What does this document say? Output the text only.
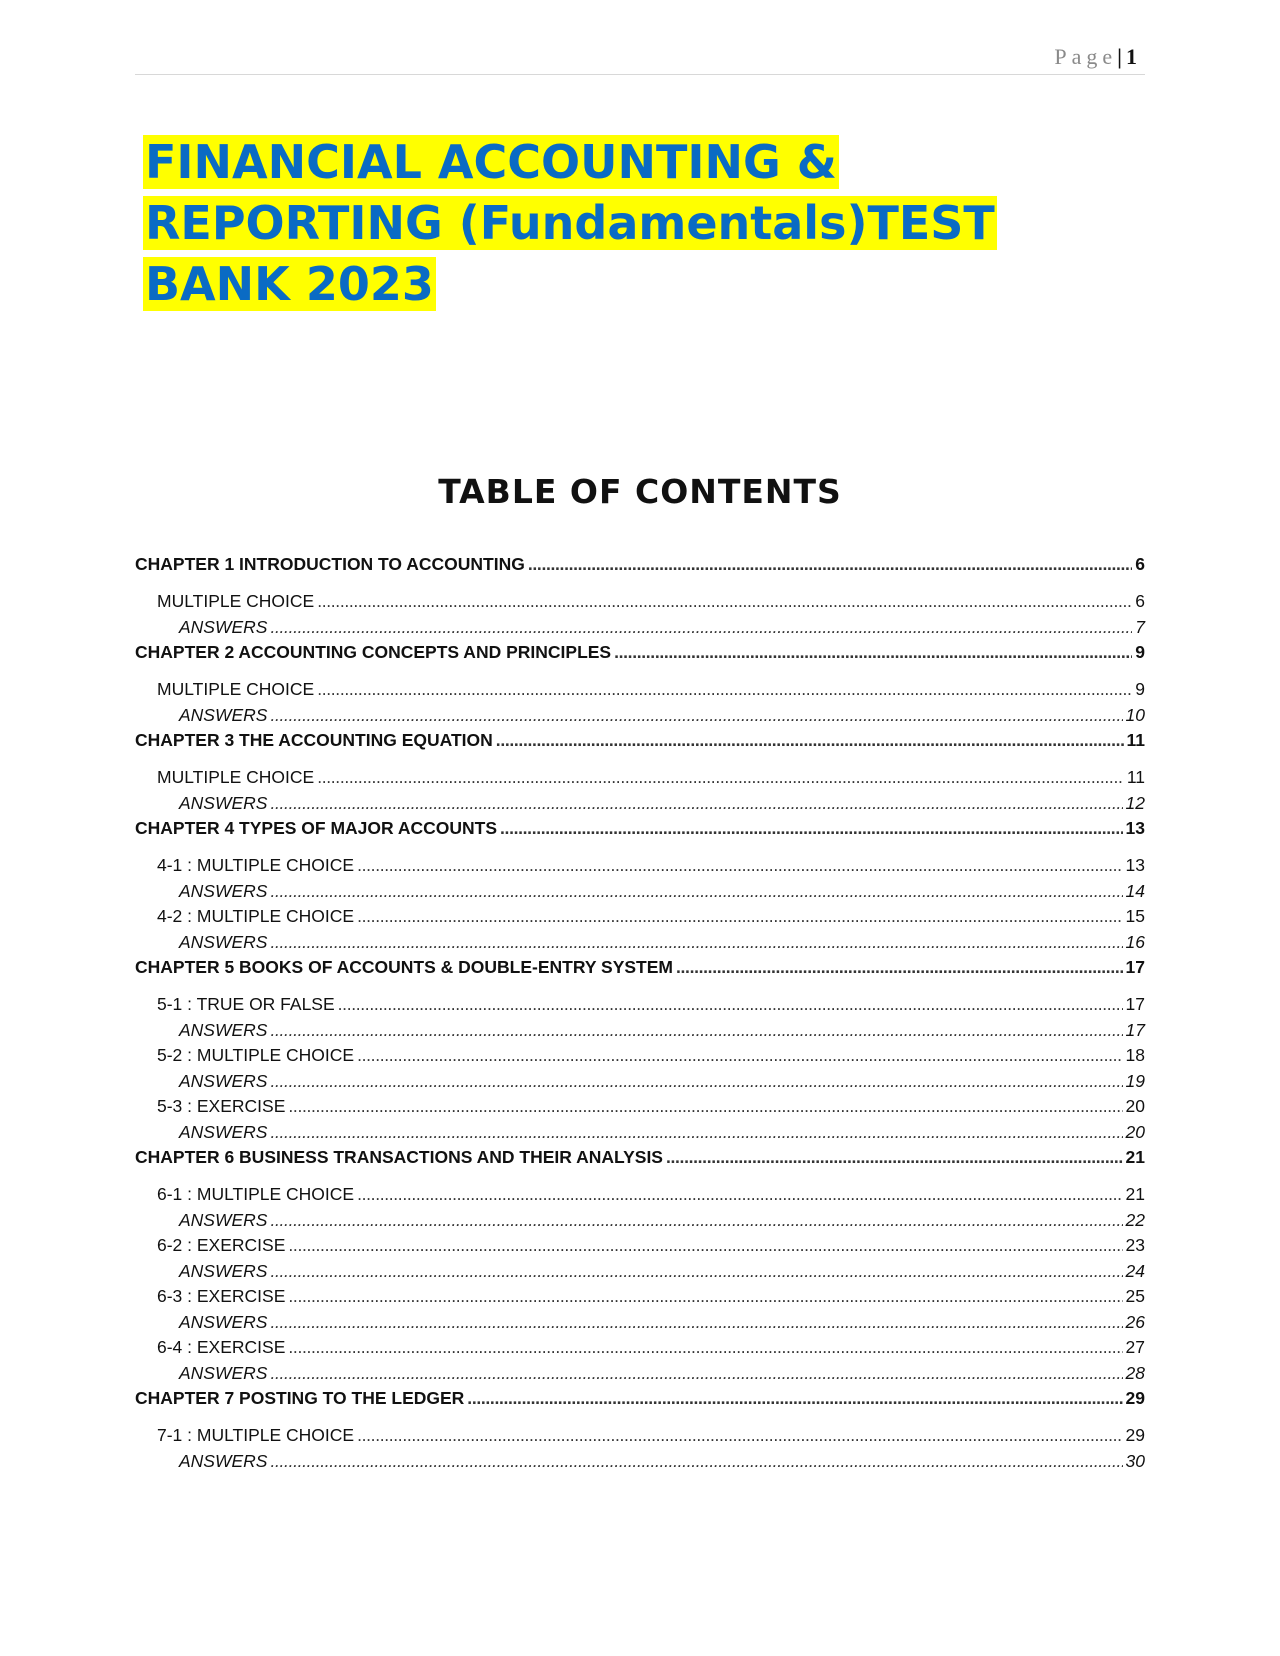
Page| 1
FINANCIAL ACCOUNTING &
REPORTING (Fundamentals)TEST
BANK 2023
TABLE OF CONTENTS
CHAPTER 1 INTRODUCTION TO ACCOUNTING . . .	6
MULTIPLE CHOICE . . .	6
ANSWERS . . .	7
CHAPTER 2 ACCOUNTING CONCEPTS AND PRINCIPLES . . .	9
MULTIPLE CHOICE . . .	9
ANSWERS . . .	10
CHAPTER 3 THE ACCOUNTING EQUATION . . .	11
MULTIPLE CHOICE . . .	11
ANSWERS . . .	12
CHAPTER 4 TYPES OF MAJOR ACCOUNTS . . .	13
4-1 : MULTIPLE CHOICE . . .	13
ANSWERS . . .	14
4-2 : MULTIPLE CHOICE . . .	15
ANSWERS . . .	16
CHAPTER 5 BOOKS OF ACCOUNTS & DOUBLE-ENTRY SYSTEM . . .	17
5-1 : TRUE OR FALSE . . .	17
ANSWERS . . .	17
5-2 : MULTIPLE CHOICE . . .	18
ANSWERS . . .	19
5-3 : EXERCISE . . .	20
ANSWERS . . .	20
CHAPTER 6 BUSINESS TRANSACTIONS AND THEIR ANALYSIS . . .	21
6-1 : MULTIPLE CHOICE . . .	21
ANSWERS . . .	22
6-2 : EXERCISE . . .	23
ANSWERS . . .	24
6-3 : EXERCISE . . .	25
ANSWERS . . .	26
6-4 : EXERCISE . . .	27
ANSWERS . . .	28
CHAPTER 7 POSTING TO THE LEDGER . . .	29
7-1 : MULTIPLE CHOICE . . .	29
ANSWERS . . .	30
